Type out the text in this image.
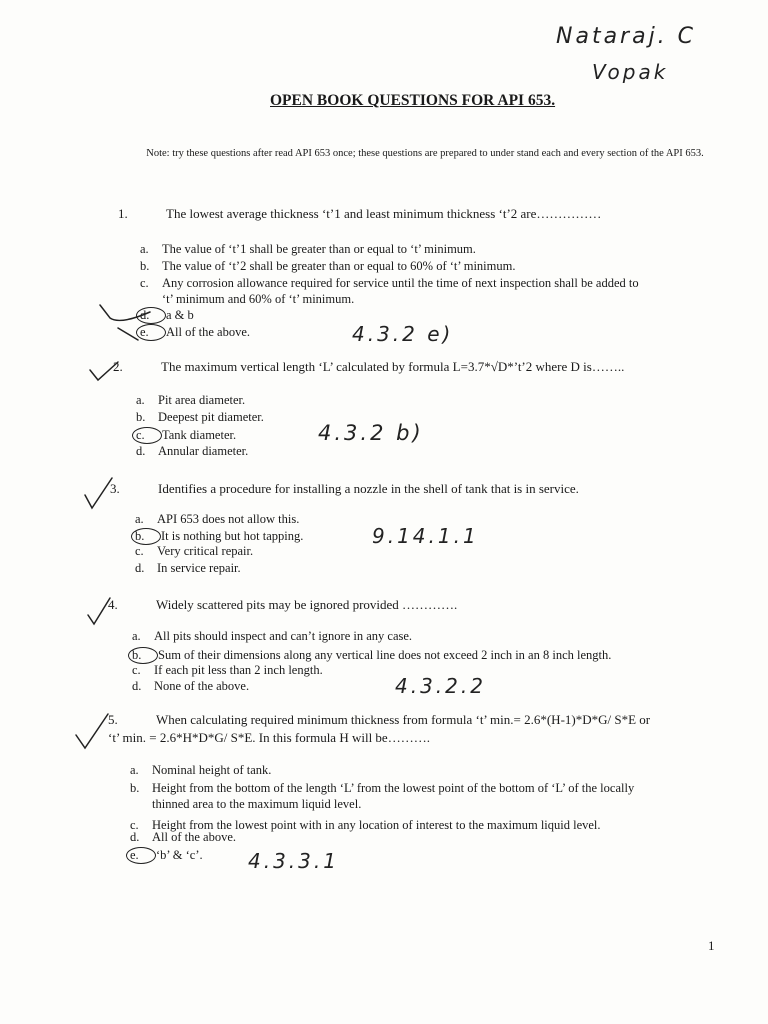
Nataraj. C
Vopak
OPEN BOOK QUESTIONS FOR API 653.
Note: try these questions after read API 653 once; these questions are prepared to under stand each and every section of the API 653.
1.	The lowest average thickness ‘t’1 and least minimum thickness ‘t’2 are……………
a. The value of ‘t’1 shall be greater than or equal to ‘t’ minimum.
b. The value of ‘t’2 shall be greater than or equal to 60% of ‘t’ minimum.
c. Any corrosion allowance required for service until the time of next inspection shall be added to
‘t’ minimum and 60% of ‘t’ minimum.
d. a & b
e. All of the above.	4.3.2 e)
2.	The maximum vertical length ‘L’ calculated by formula L=3.7*√D*’t’2 where D is……..
a. Pit area diameter.
b. Deepest pit diameter.
c. Tank diameter.
d. Annular diameter.
4.3.2 b)
3.	Identifies a procedure for installing a nozzle in the shell of tank that is in service.
a. API 653 does not allow this.
b. It is nothing but hot tapping.
c. Very critical repair.
d. In service repair.
9.14.1.1
4.	Widely scattered pits may be ignored provided ………….
a. All pits should inspect and can’t ignore in any case.
b. Sum of their dimensions along any vertical line does not exceed 2 inch in an 8 inch length.
c. If each pit less than 2 inch length.
d. None of the above.	4.3.2.2
5.	When calculating required minimum thickness from formula ‘t’ min.= 2.6*(H-1)*D*G/ S*E or
‘t’ min. = 2.6*H*D*G/ S*E. In this formula H will be……….
a. Nominal height of tank.
b. Height from the bottom of the length ‘L’ from the lowest point of the bottom of ‘L’ of the locally
thinned area to the maximum liquid level.
c. Height from the lowest point with in any location of interest to the maximum liquid level.
d. All of the above.
e. ‘b’ & ‘c’. 4.3.3.1
1
